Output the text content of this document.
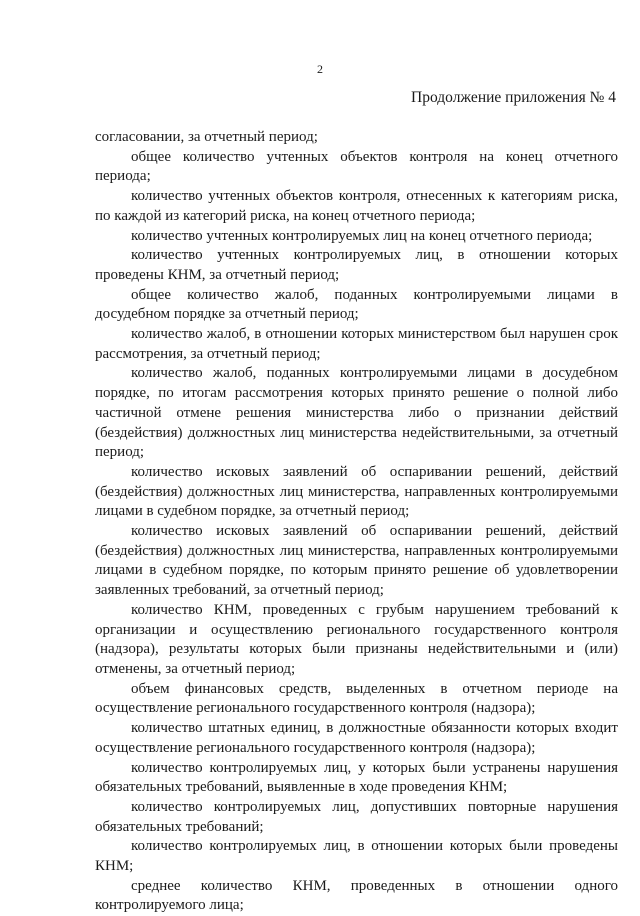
2
Продолжение приложения № 4

согласовании, за отчетный период;

общее количество учтенных объектов контроля на конец отчетного периода;

количество учтенных объектов контроля, отнесенных к категориям риска, по каждой из категорий риска, на конец отчетного периода;

количество учтенных контролируемых лиц на конец отчетного периода;

количество учтенных контролируемых лиц, в отношении которых проведены КНМ, за отчетный период;

общее количество жалоб, поданных контролируемыми лицами в досудебном порядке за отчетный период;

количество жалоб, в отношении которых министерством был нарушен срок рассмотрения, за отчетный период;

количество жалоб, поданных контролируемыми лицами в досудебном порядке, по итогам рассмотрения которых принято решение о полной либо частичной отмене решения министерства либо о признании действий (бездействия) должностных лиц министерства недействительными, за отчетный период;

количество исковых заявлений об оспаривании решений, действий (бездействия) должностных лиц министерства, направленных контролируемыми лицами в судебном порядке, за отчетный период;

количество исковых заявлений об оспаривании решений, действий (бездействия) должностных лиц министерства, направленных контролируемыми лицами в судебном порядке, по которым принято решение об удовлетворении заявленных требований, за отчетный период;

количество КНМ, проведенных с грубым нарушением требований к организации и осуществлению регионального государственного контроля (надзора), результаты которых были признаны недействительными и (или) отменены, за отчетный период;

объем финансовых средств, выделенных в отчетном периоде на осуществление регионального государственного контроля (надзора);

количество штатных единиц, в должностные обязанности которых входит осуществление регионального государственного контроля (надзора);

количество контролируемых лиц, у которых были устранены нарушения обязательных требований, выявленные в ходе проведения КНМ;

количество контролируемых лиц, допустивших повторные нарушения обязательных требований;

количество контролируемых лиц, в отношении которых были проведены КНМ;

среднее количество КНМ, проведенных в отношении одного контролируемого лица;
